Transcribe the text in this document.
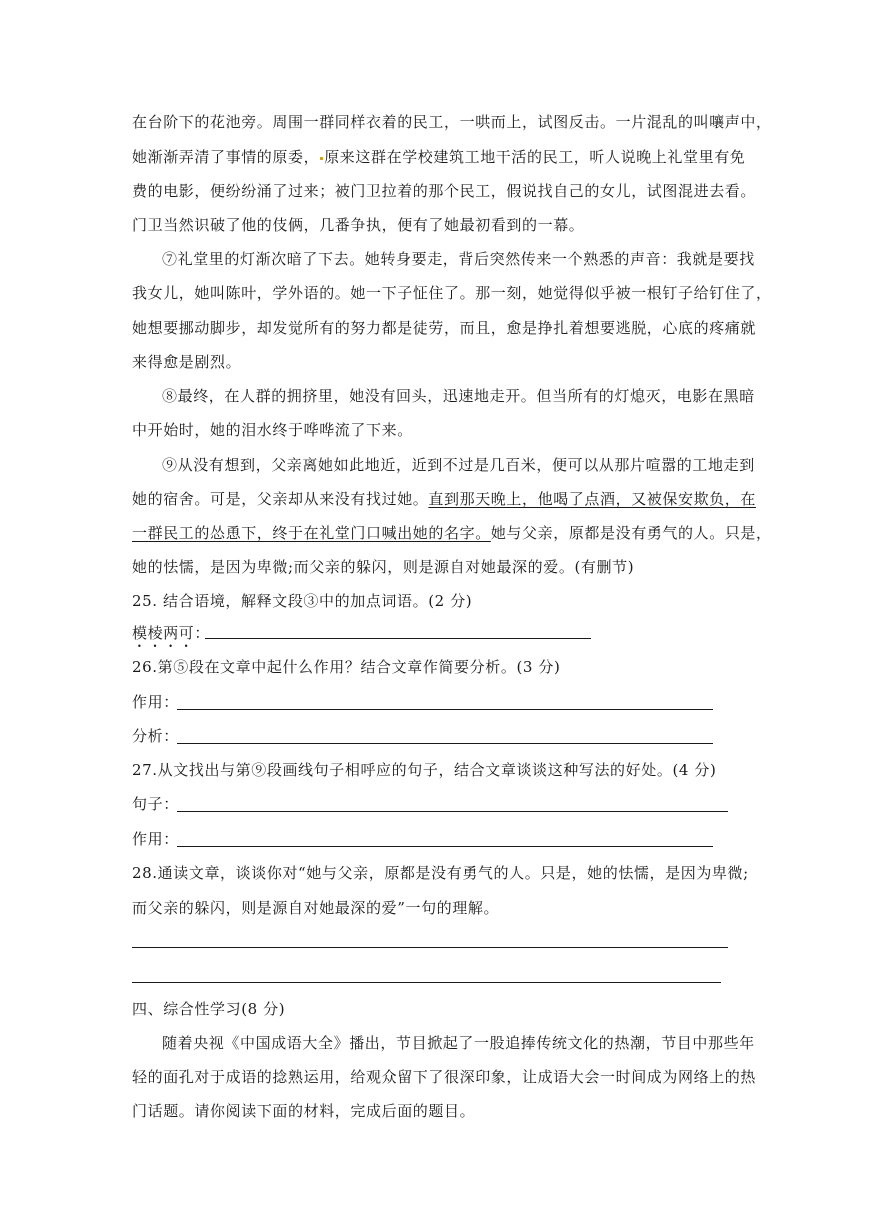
在台阶下的花池旁。周围一群同样衣着的民工，一哄而上，试图反击。一片混乱的叫嚷声中，
她渐渐弄清了事情的原委， 原来这群在学校建筑工地干活的民工，听人说晚上礼堂里有免
费的电影，便纷纷涌了过来；被门卫拉着的那个民工，假说找自己的女儿，试图混进去看。
门卫当然识破了他的伎俩，几番争执，便有了她最初看到的一幕。
⑦礼堂里的灯渐次暗了下去。她转身要走，背后突然传来一个熟悉的声音：我就是要找
我女儿，她叫陈叶，学外语的。她一下子怔住了。那一刻，她觉得似乎被一根钉子给钉住了，
她想要挪动脚步，却发觉所有的努力都是徒劳，而且，愈是挣扎着想要逃脱，心底的疼痛就
来得愈是剧烈。
⑧最终，在人群的拥挤里，她没有回头，迅速地走开。但当所有的灯熄灭，电影在黑暗
中开始时，她的泪水终于哗哗流了下来。
⑨从没有想到，父亲离她如此地近，近到不过是几百米，便可以从那片喧嚣的工地走到
她的宿舍。可是，父亲却从来没有找过她。直到那天晚上，他喝了点酒，又被保安欺负，在
一群民工的怂恿下，终于在礼堂门口喊出她的名字。她与父亲，原都是没有勇气的人。只是，
她的怯懦，是因为卑微;而父亲的躲闪，则是源自对她最深的爱。(有删节)
25. 结合语境，解释文段③中的加点词语。(2 分)
模棱两可：
26.第⑤段在文章中起什么作用？结合文章作简要分析。(3 分)
作用：
分析：
27.从文找出与第⑨段画线句子相呼应的句子，结合文章谈谈这种写法的好处。(4 分)
句子：
作用：
28.通读文章，谈谈你对“她与父亲，原都是没有勇气的人。只是，她的怯懦，是因为卑微;
而父亲的躲闪，则是源自对她最深的爱”一句的理解。
四、综合性学习(8 分)
随着央视《中国成语大全》播出，节目掀起了一股追捧传统文化的热潮，节目中那些年
轻的面孔对于成语的捻熟运用，给观众留下了很深印象，让成语大会一时间成为网络上的热
门话题。请你阅读下面的材料，完成后面的题目。
